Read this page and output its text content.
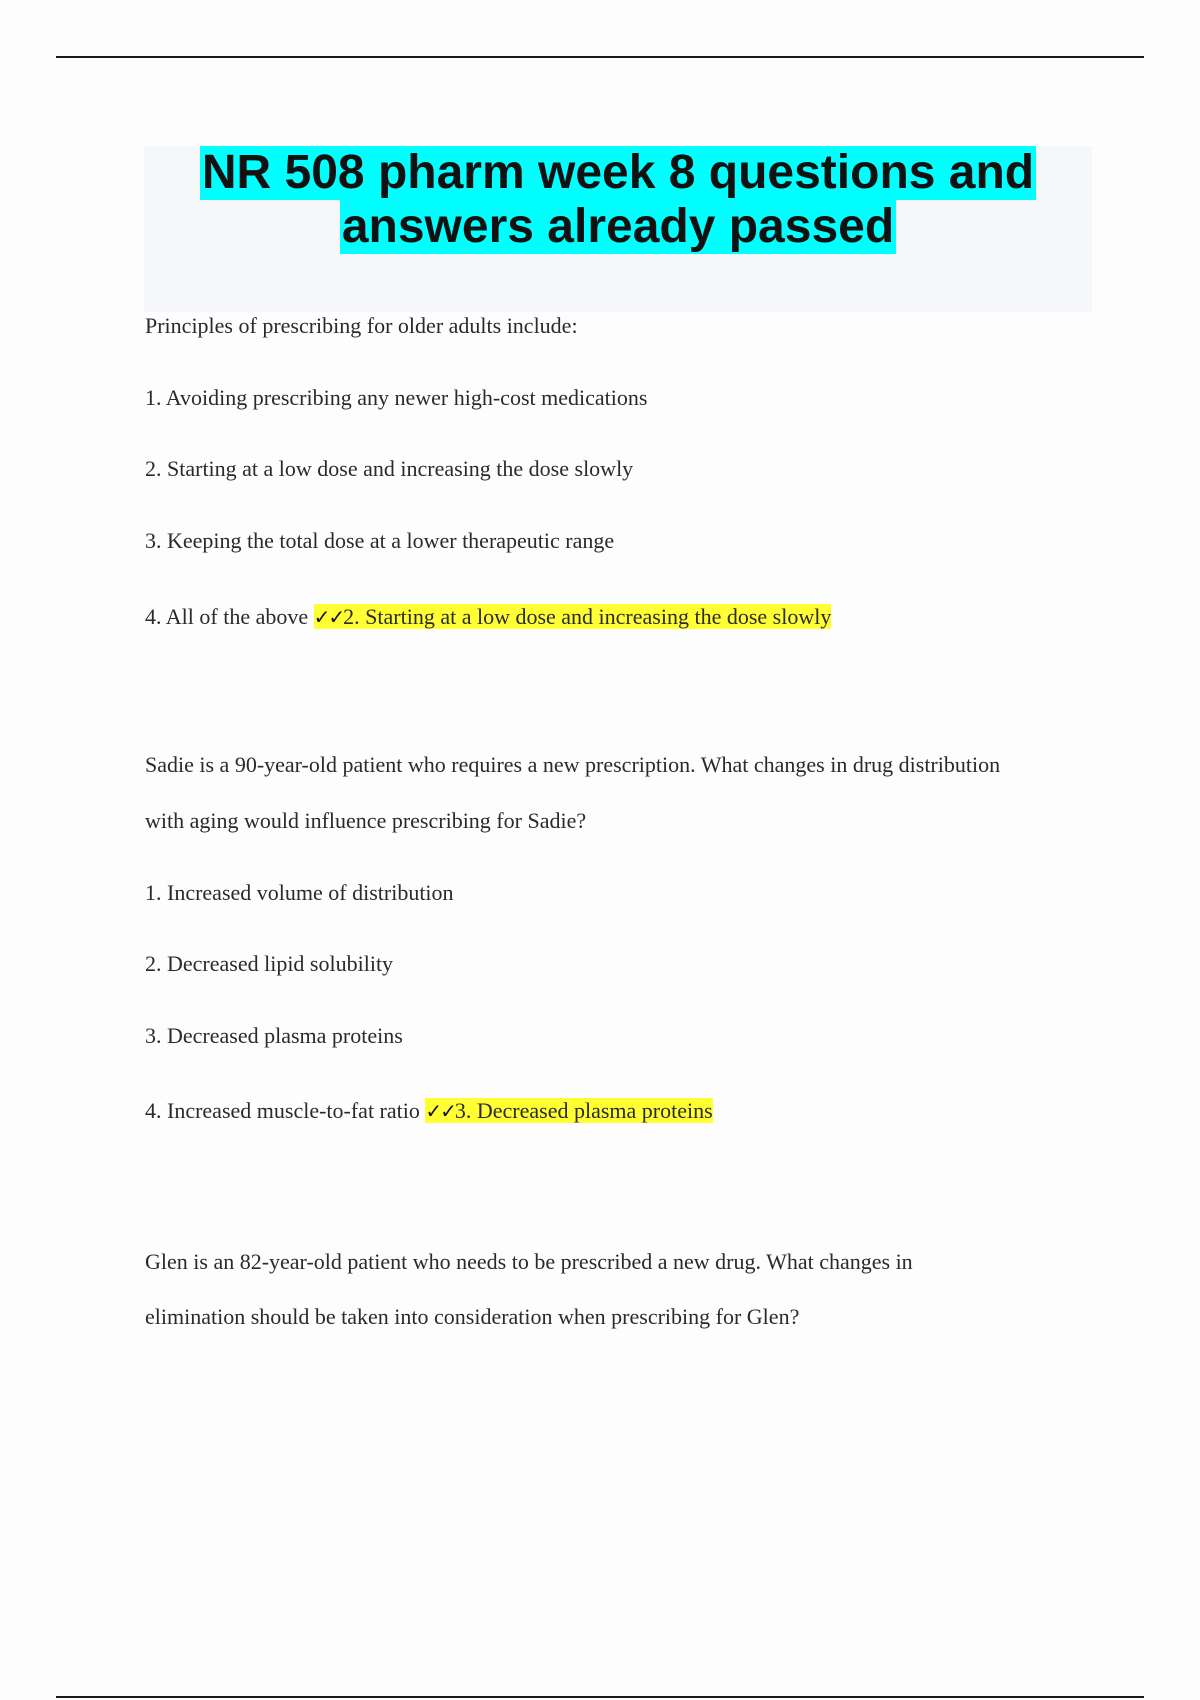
NR 508 pharm week 8 questions and
answers already passed
Principles of prescribing for older adults include:
1. Avoiding prescribing any newer high-cost medications
2. Starting at a low dose and increasing the dose slowly
3. Keeping the total dose at a lower therapeutic range
4. All of the above ✓✓2. Starting at a low dose and increasing the dose slowly
Sadie is a 90-year-old patient who requires a new prescription. What changes in drug distribution
with aging would influence prescribing for Sadie?
1. Increased volume of distribution
2. Decreased lipid solubility
3. Decreased plasma proteins
4. Increased muscle-to-fat ratio ✓✓3. Decreased plasma proteins
Glen is an 82-year-old patient who needs to be prescribed a new drug. What changes in
elimination should be taken into consideration when prescribing for Glen?
